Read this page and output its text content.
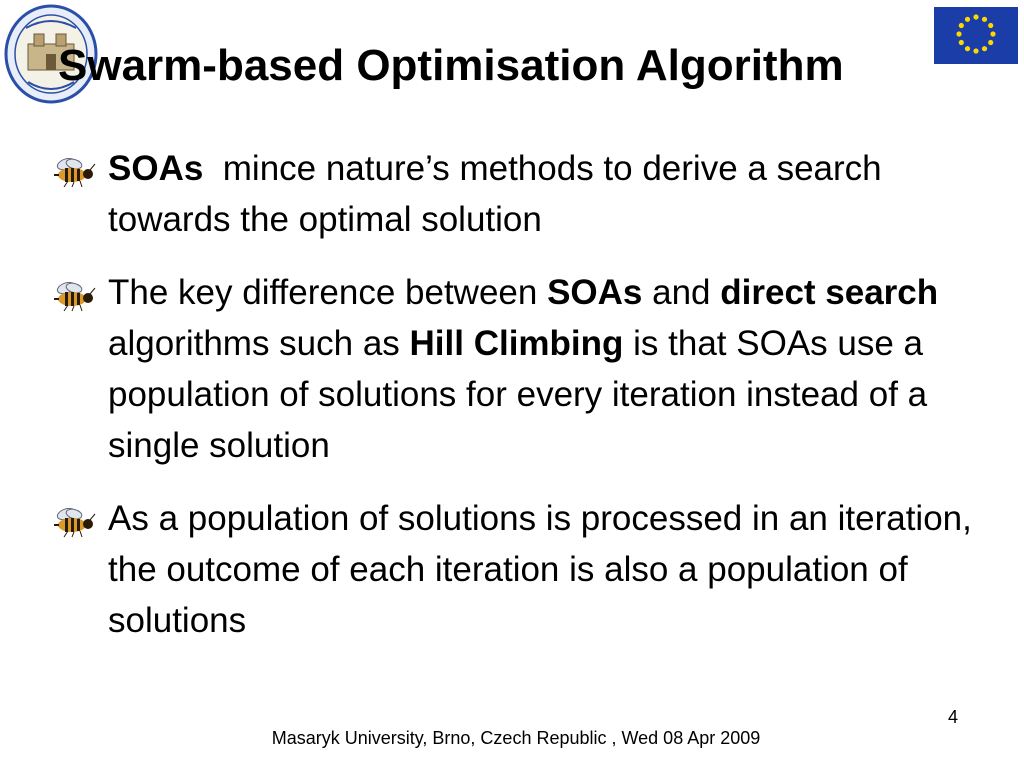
Swarm-based Optimisation Algorithm
SOAs  mince nature’s methods to derive a search towards the optimal solution
The key difference between SOAs and direct search algorithms such as Hill Climbing is that SOAs use a population of solutions for every iteration instead of a single solution
As a population of solutions is processed in an iteration, the outcome of each iteration is also a population of solutions
4
Masaryk University, Brno, Czech Republic , Wed 08 Apr 2009
